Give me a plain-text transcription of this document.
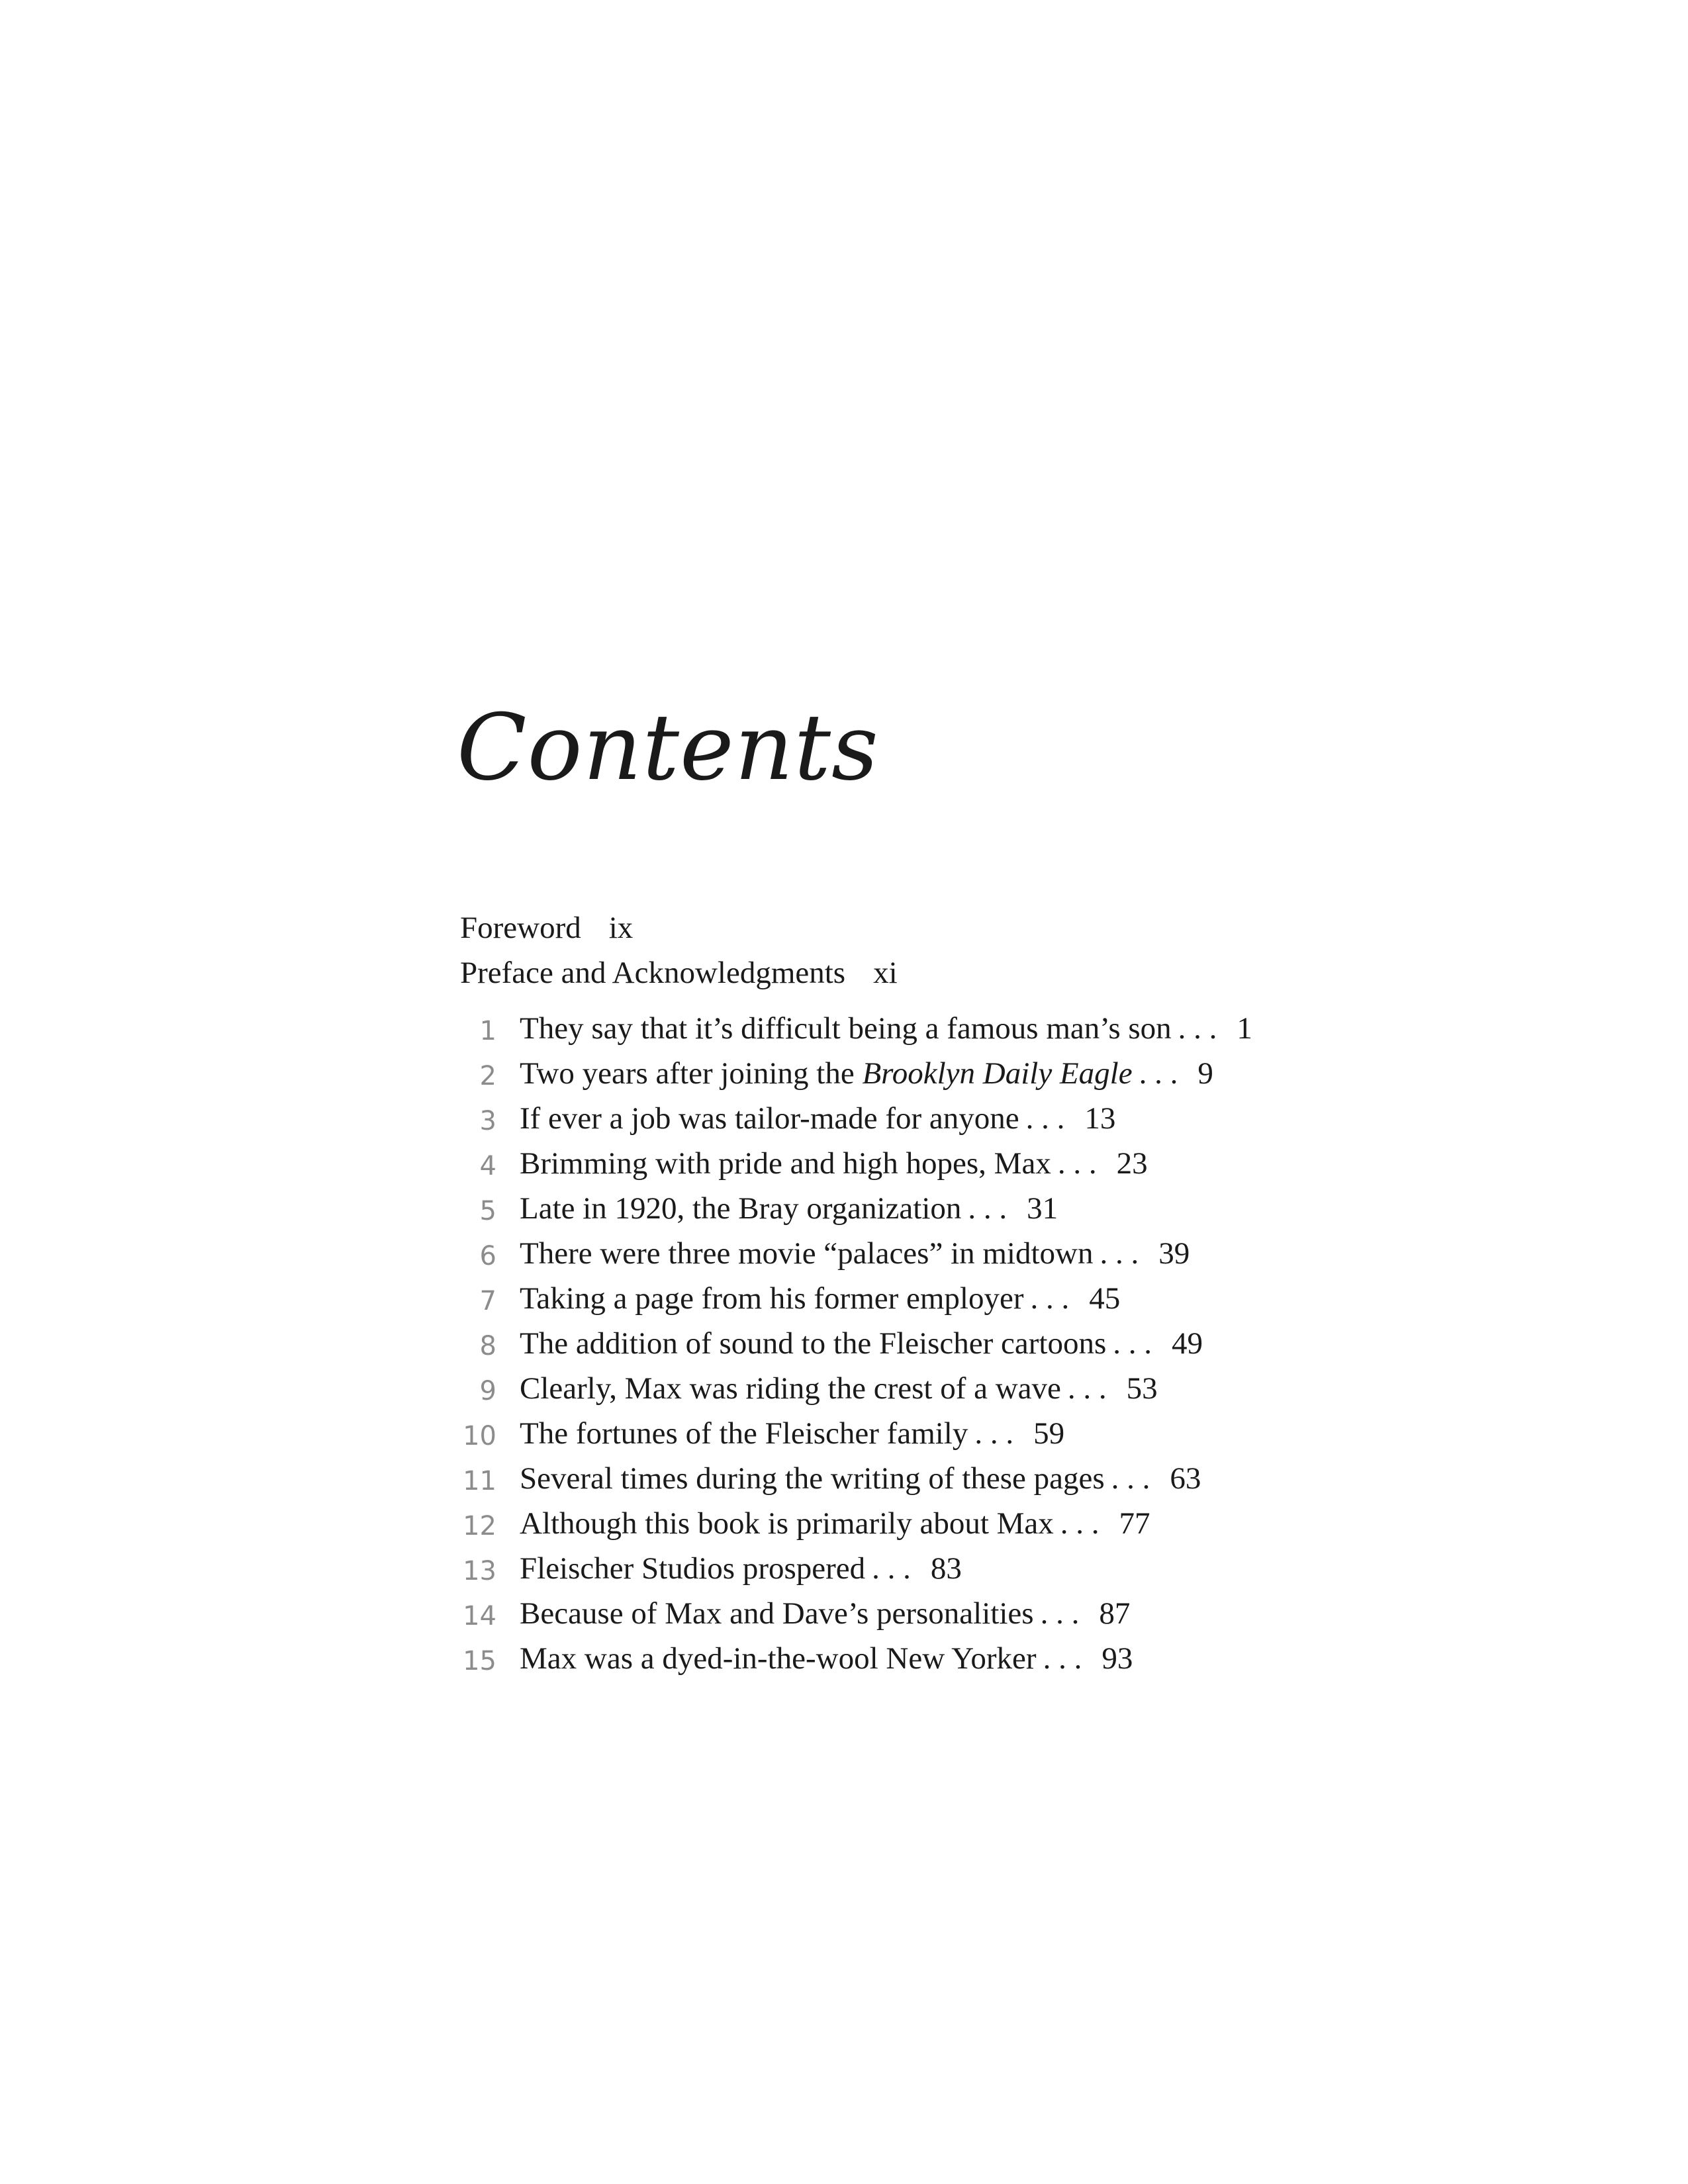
Contents
Foreword ix
Preface and Acknowledgments xi
1 They say that it’s difficult being a famous man’s son . . . 1
2 Two years after joining the Brooklyn Daily Eagle . . . 9
3 If ever a job was tailor-made for anyone . . . 13
4 Brimming with pride and high hopes, Max . . . 23
5 Late in 1920, the Bray organization . . . 31
6 There were three movie “palaces” in midtown . . . 39
7 Taking a page from his former employer . . . 45
8 The addition of sound to the Fleischer cartoons . . . 49
9 Clearly, Max was riding the crest of a wave . . . 53
10 The fortunes of the Fleischer family . . . 59
11 Several times during the writing of these pages . . . 63
12 Although this book is primarily about Max . . . 77
13 Fleischer Studios prospered . . . 83
14 Because of Max and Dave’s personalities . . . 87
15 Max was a dyed-in-the-wool New Yorker . . . 93
